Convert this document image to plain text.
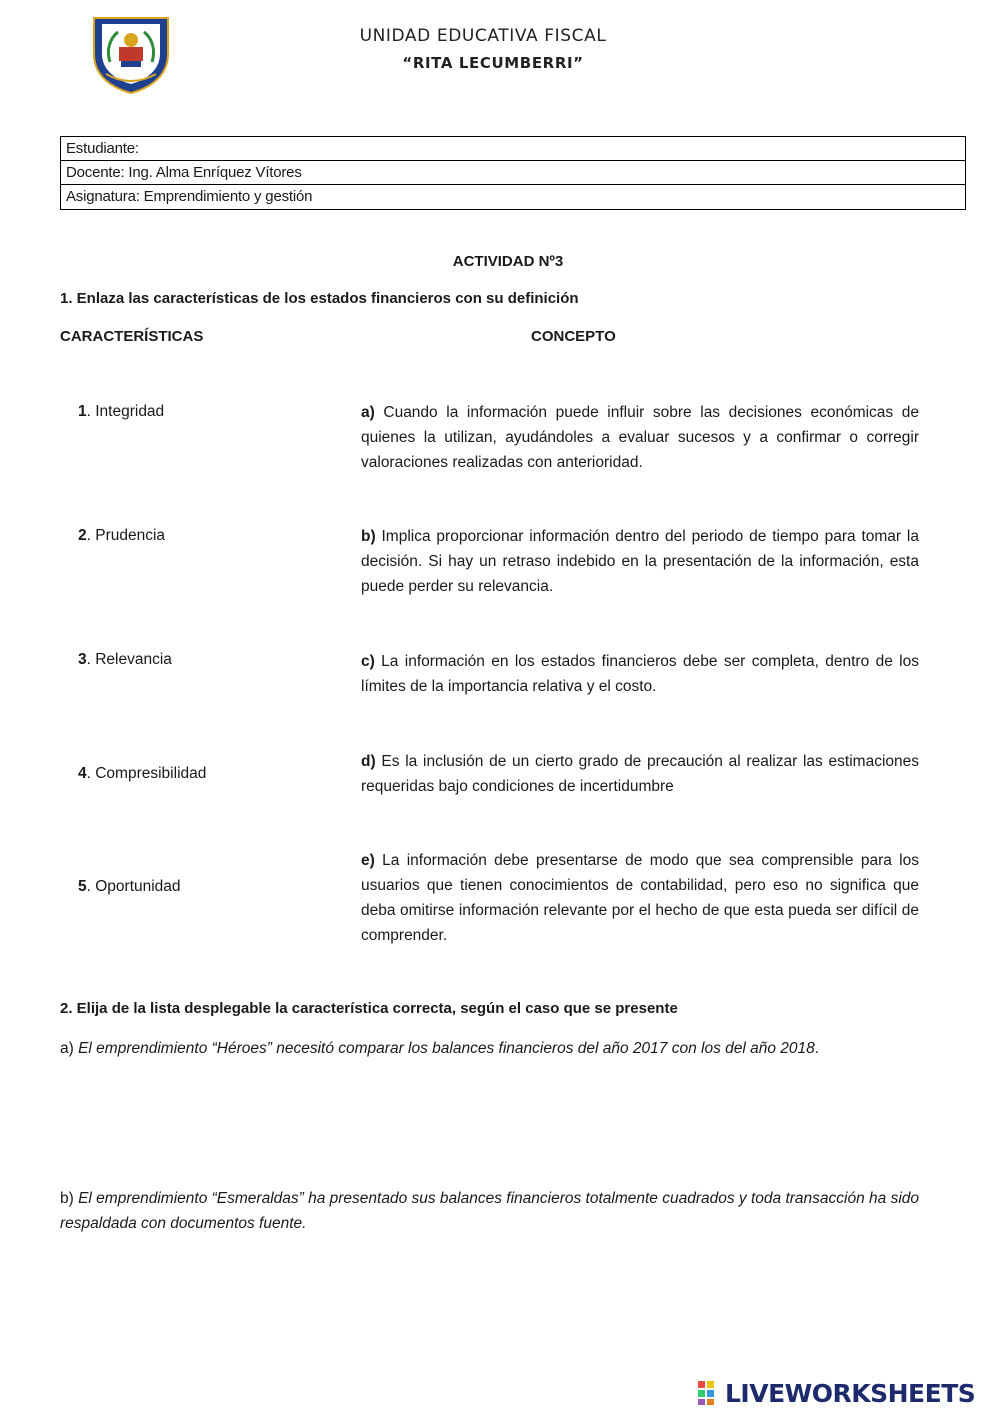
UNIDAD EDUCATIVA FISCAL
“RITA LECUMBERRI”
Estudiante:
Docente: Ing. Alma Enríquez Vítores
Asignatura: Emprendimiento y gestión
ACTIVIDAD Nº3
1. Enlaza las características de los estados financieros con su definición
CARACTERÍSTICAS	CONCEPTO
1. Integridad
2. Prudencia
3. Relevancia
4. Compresibilidad
5. Oportunidad
a) Cuando la información puede influir sobre las decisiones económicas de quienes la utilizan, ayudándoles a evaluar sucesos y a confirmar o corregir valoraciones realizadas con anterioridad.
b) Implica proporcionar información dentro del periodo de tiempo para tomar la decisión. Si hay un retraso indebido en la presentación de la información, esta puede perder su relevancia.
c) La información en los estados financieros debe ser completa, dentro de los límites de la importancia relativa y el costo.
d) Es la inclusión de un cierto grado de precaución al realizar las estimaciones requeridas bajo condiciones de incertidumbre
e) La información debe presentarse de modo que sea comprensible para los usuarios que tienen conocimientos de contabilidad, pero eso no significa que deba omitirse información relevante por el hecho de que esta pueda ser difícil de comprender.
2. Elija de la lista desplegable la característica correcta, según el caso que se presente
a) El emprendimiento “Héroes” necesitó comparar los balances financieros del año 2017 con los del año 2018.
b) El emprendimiento “Esmeraldas” ha presentado sus balances financieros totalmente cuadrados y toda transacción ha sido respaldada con documentos fuente.
LIVEWORKSHEETS
